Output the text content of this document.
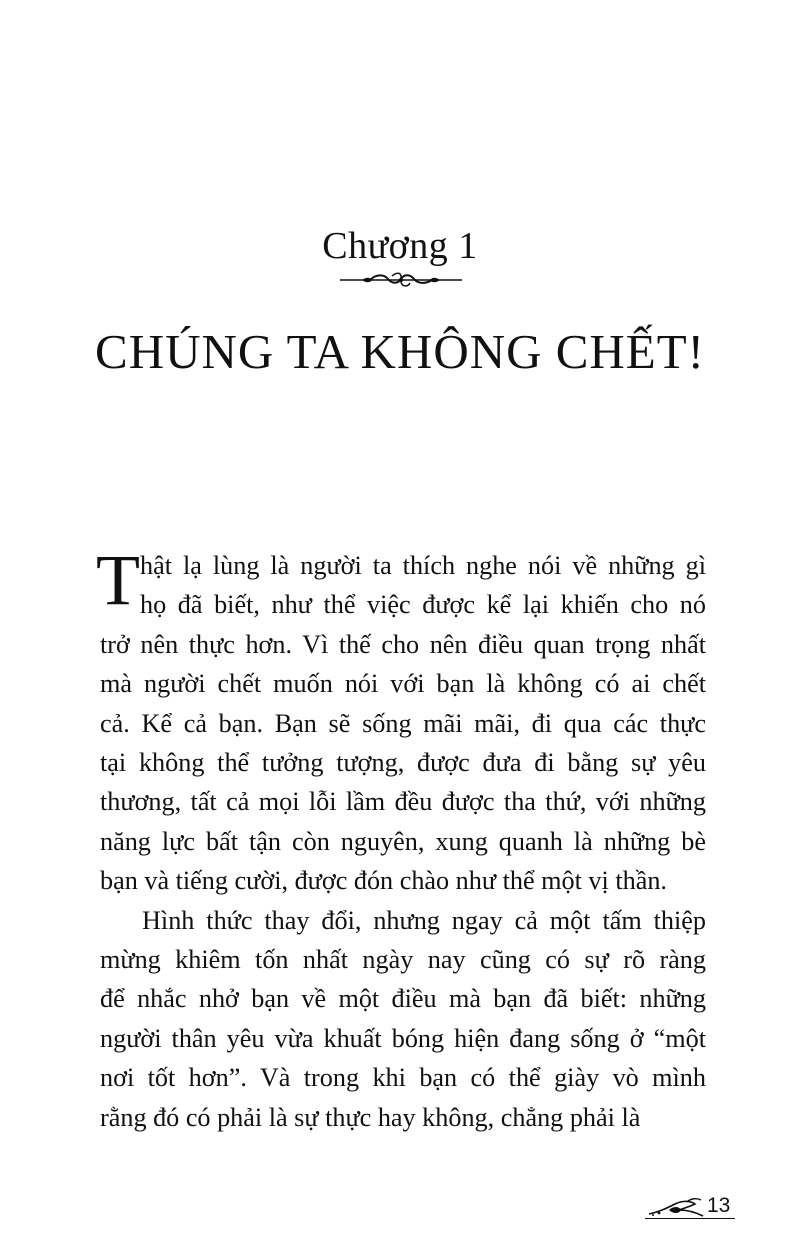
Chương 1
CHÚNG TA KHÔNG CHẾT!
T hật lạ lùng là người ta thích nghe nói về những gì
họ đã biết, như thể việc được kể lại khiến cho nó
trở nên thực hơn. Vì thế cho nên điều quan trọng nhất
mà người chết muốn nói với bạn là không có ai chết
cả. Kể cả bạn. Bạn sẽ sống mãi mãi, đi qua các thực
tại không thể tưởng tượng, được đưa đi bằng sự yêu
thương, tất cả mọi lỗi lầm đều được tha thứ, với những
năng lực bất tận còn nguyên, xung quanh là những bè
bạn và tiếng cười, được đón chào như thể một vị thần.
Hình thức thay đổi, nhưng ngay cả một tấm thiệp
mừng khiêm tốn nhất ngày nay cũng có sự rõ ràng
để nhắc nhở bạn về một điều mà bạn đã biết: những
người thân yêu vừa khuất bóng hiện đang sống ở “một
nơi tốt hơn”. Và trong khi bạn có thể giày vò mình
rằng đó có phải là sự thực hay không, chẳng phải là
13
